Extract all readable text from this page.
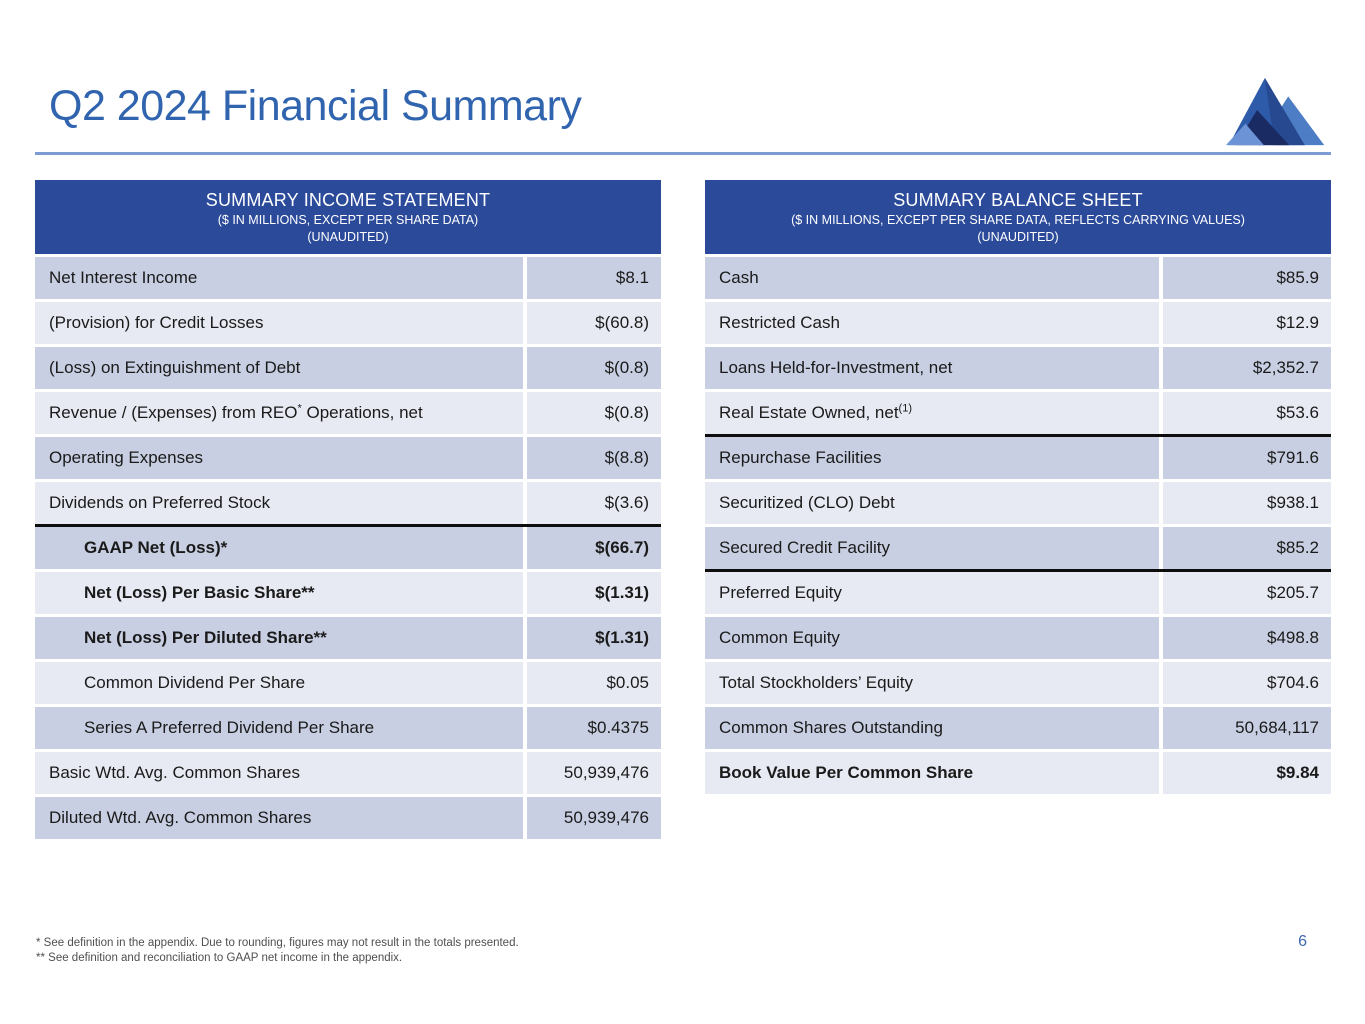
Q2 2024 Financial Summary
SUMMARY INCOME STATEMENT
($ IN MILLIONS, EXCEPT PER SHARE DATA)
(UNAUDITED)
Net Interest Income	$8.1
(Provision) for Credit Losses	$(60.8)
(Loss) on Extinguishment of Debt	$(0.8)
Revenue / (Expenses) from REO* Operations, net	$(0.8)
Operating Expenses	$(8.8)
Dividends on Preferred Stock	$(3.6)
GAAP Net (Loss)*	$(66.7)
Net (Loss) Per Basic Share**	$(1.31)
Net (Loss) Per Diluted Share**	$(1.31)
Common Dividend Per Share	$0.05
Series A Preferred Dividend Per Share	$0.4375
Basic Wtd. Avg. Common Shares	50,939,476
Diluted Wtd. Avg. Common Shares	50,939,476
SUMMARY BALANCE SHEET
($ IN MILLIONS, EXCEPT PER SHARE DATA, REFLECTS CARRYING VALUES)
(UNAUDITED)
Cash	$85.9
Restricted Cash	$12.9
Loans Held-for-Investment, net	$2,352.7
Real Estate Owned, net$^{(1)}$	$53.6
Repurchase Facilities	$791.6
Securitized (CLO) Debt	$938.1
Secured Credit Facility	$85.2
Preferred Equity	$205.7
Common Equity	$498.8
Total Stockholders’ Equity	$704.6
Common Shares Outstanding	50,684,117
Book Value Per Common Share	$9.84
* See definition in the appendix. Due to rounding, figures may not result in the totals presented.
** See definition and reconciliation to GAAP net income in the appendix.
6
